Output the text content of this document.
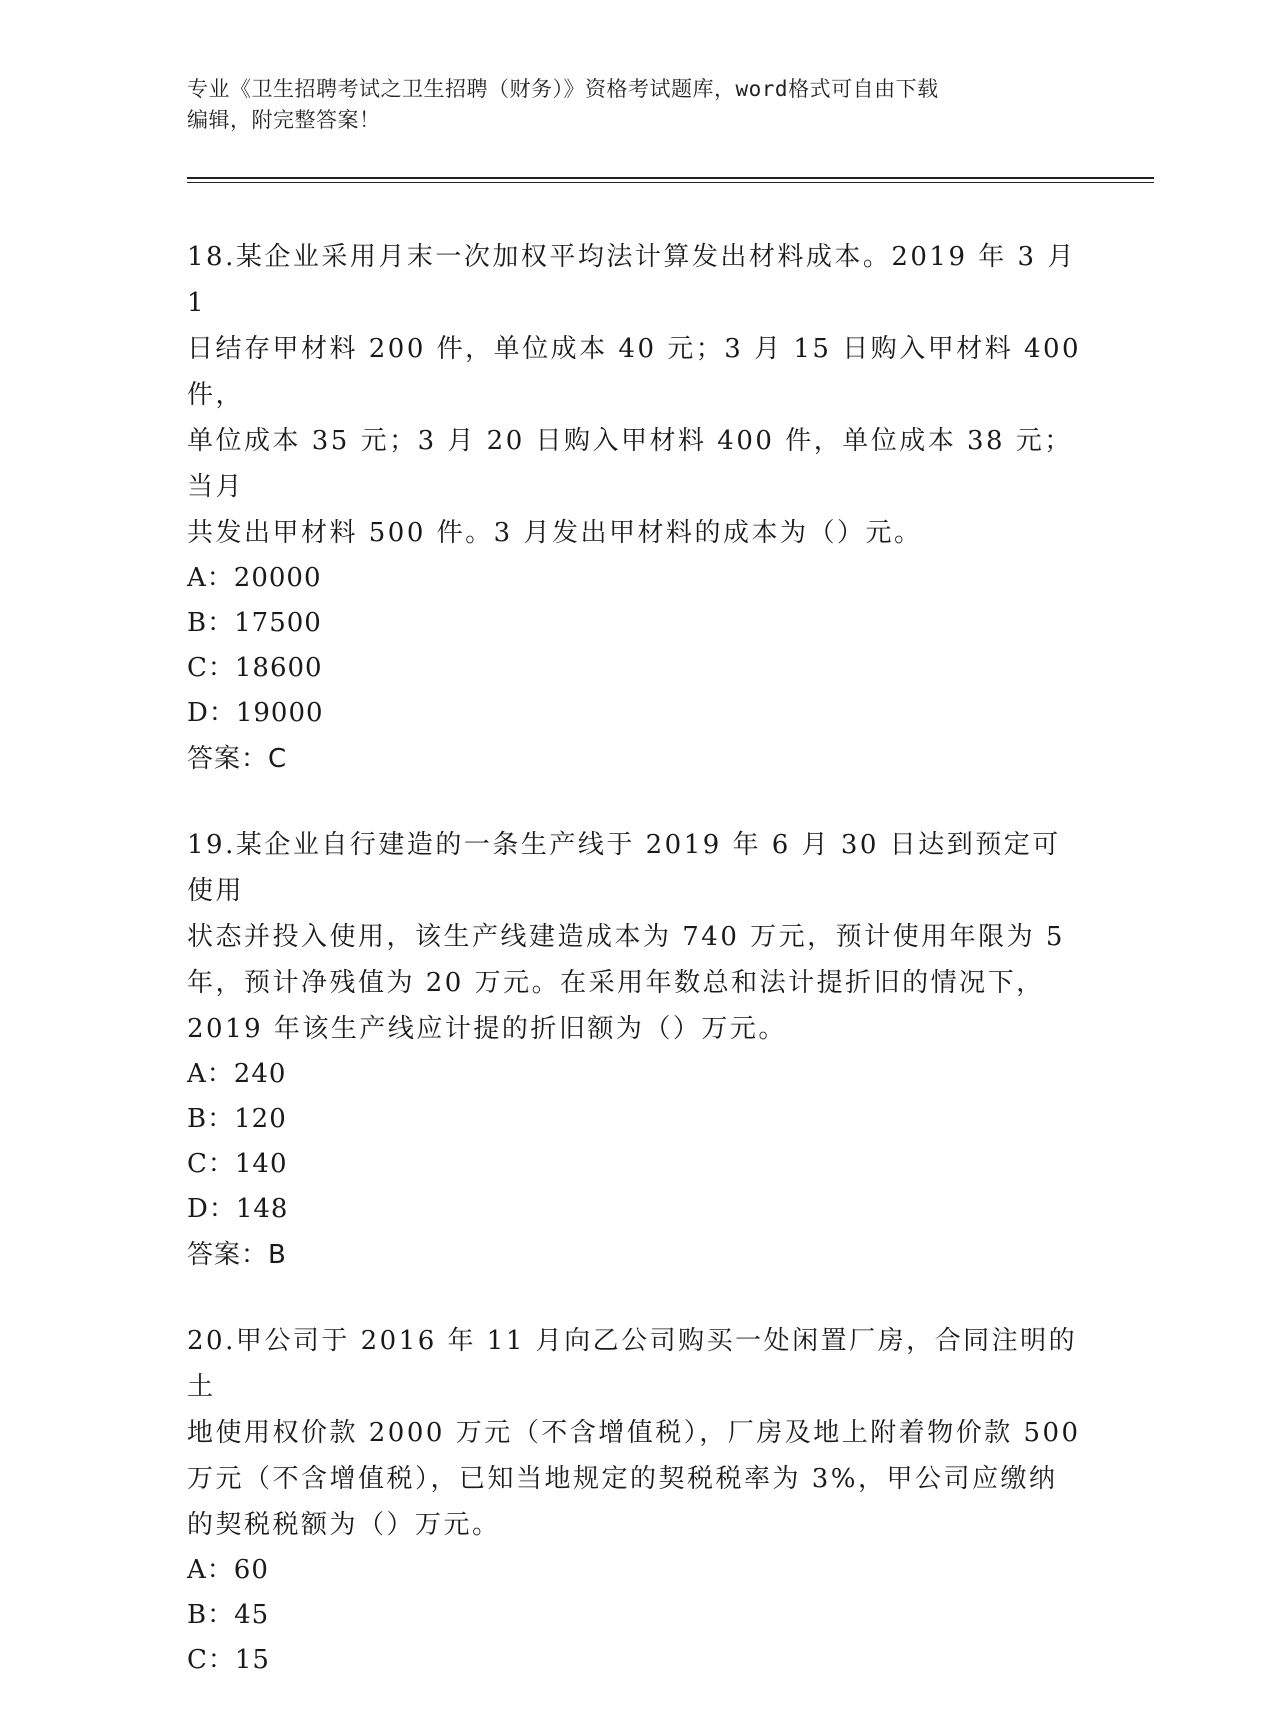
专业《卫生招聘考试之卫生招聘（财务）》资格考试题库，word格式可自由下载
编辑，附完整答案！

18.某企业采用月末一次加权平均法计算发出材料成本。2019 年 3 月 1

日结存甲材料 200 件，单位成本 40 元；3 月 15 日购入甲材料 400 件，

单位成本 35 元；3 月 20 日购入甲材料 400 件，单位成本 38 元；当月

共发出甲材料 500 件。3 月发出甲材料的成本为（）元。

A：20000

B：17500

C：18600

D：19000

答案：C

19.某企业自行建造的一条生产线于 2019 年 6 月 30 日达到预定可使用

状态并投入使用，该生产线建造成本为 740 万元，预计使用年限为 5

年，预计净残值为 20 万元。在采用年数总和法计提折旧的情况下，

2019 年该生产线应计提的折旧额为（）万元。

A：240

B：120

C：140

D：148

答案：B

20.甲公司于 2016 年 11 月向乙公司购买一处闲置厂房，合同注明的土

地使用权价款 2000 万元（不含增值税），厂房及地上附着物价款 500

万元（不含增值税），已知当地规定的契税税率为 3%，甲公司应缴纳

的契税税额为（）万元。

A：60

B：45

C：15
